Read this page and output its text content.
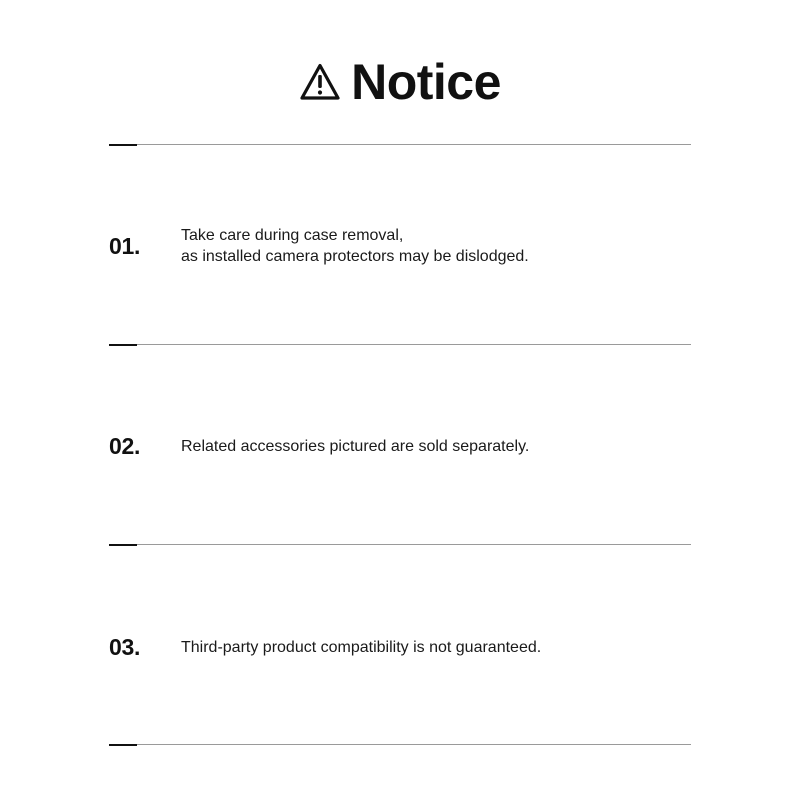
Notice
01.	Take care during case removal,
as installed camera protectors may be dislodged.
02.	Related accessories pictured are sold separately.
03.	Third-party product compatibility is not guaranteed.
